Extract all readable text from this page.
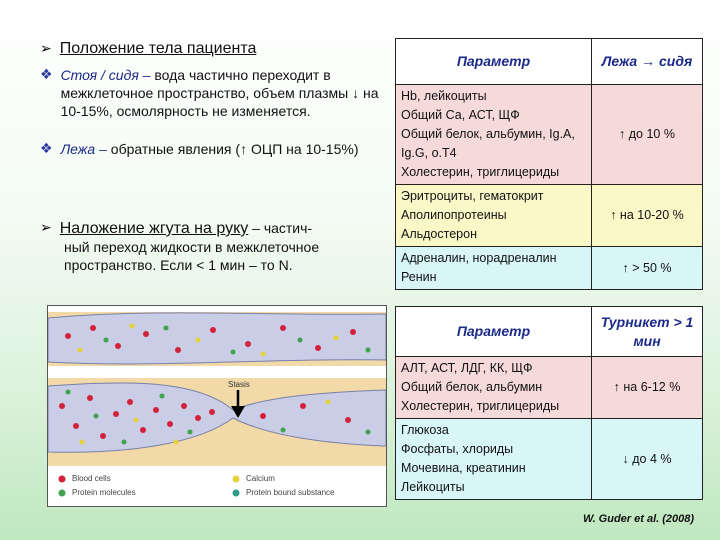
➢ Положение тела пациента
❖ Стоя / сидя – вода частично переходит в межклеточное пространство, объем плазмы ↓ на 10-15%, осмолярность не изменяется.
❖ Лежа – обратные явления (↑ ОЦП на 10-15%)
➢ Наложение жгута на руку – частич-
ный переход жидкости в межклеточное пространство. Если < 1 мин – то N.
Stasis
Blood cells
Protein molecules
Calcium
Protein bound substance
Параметр	Лежа → сидя

Hb, лейкоциты
Общий Са, АСТ, ЩФ
Общий белок, альбумин, Ig.A, Ig.G, о.Т4
Холестерин, триглицериды	↑ до 10 %

Эритроциты, гематокрит
Аполипопротеины
Альдостерон	↑ на 10-20 %

Адреналин, норадреналин
Ренин	↑ > 50 %
Параметр	Турникет > 1 мин

АЛТ, АСТ, ЛДГ, КК, ЩФ
Общий белок, альбумин
Холестерин, триглицериды	↑ на 6-12 %

Глюкоза
Фосфаты, хлориды
Мочевина, креатинин
Лейкоциты	↓ до 4 %
W. Guder et al. (2008)
